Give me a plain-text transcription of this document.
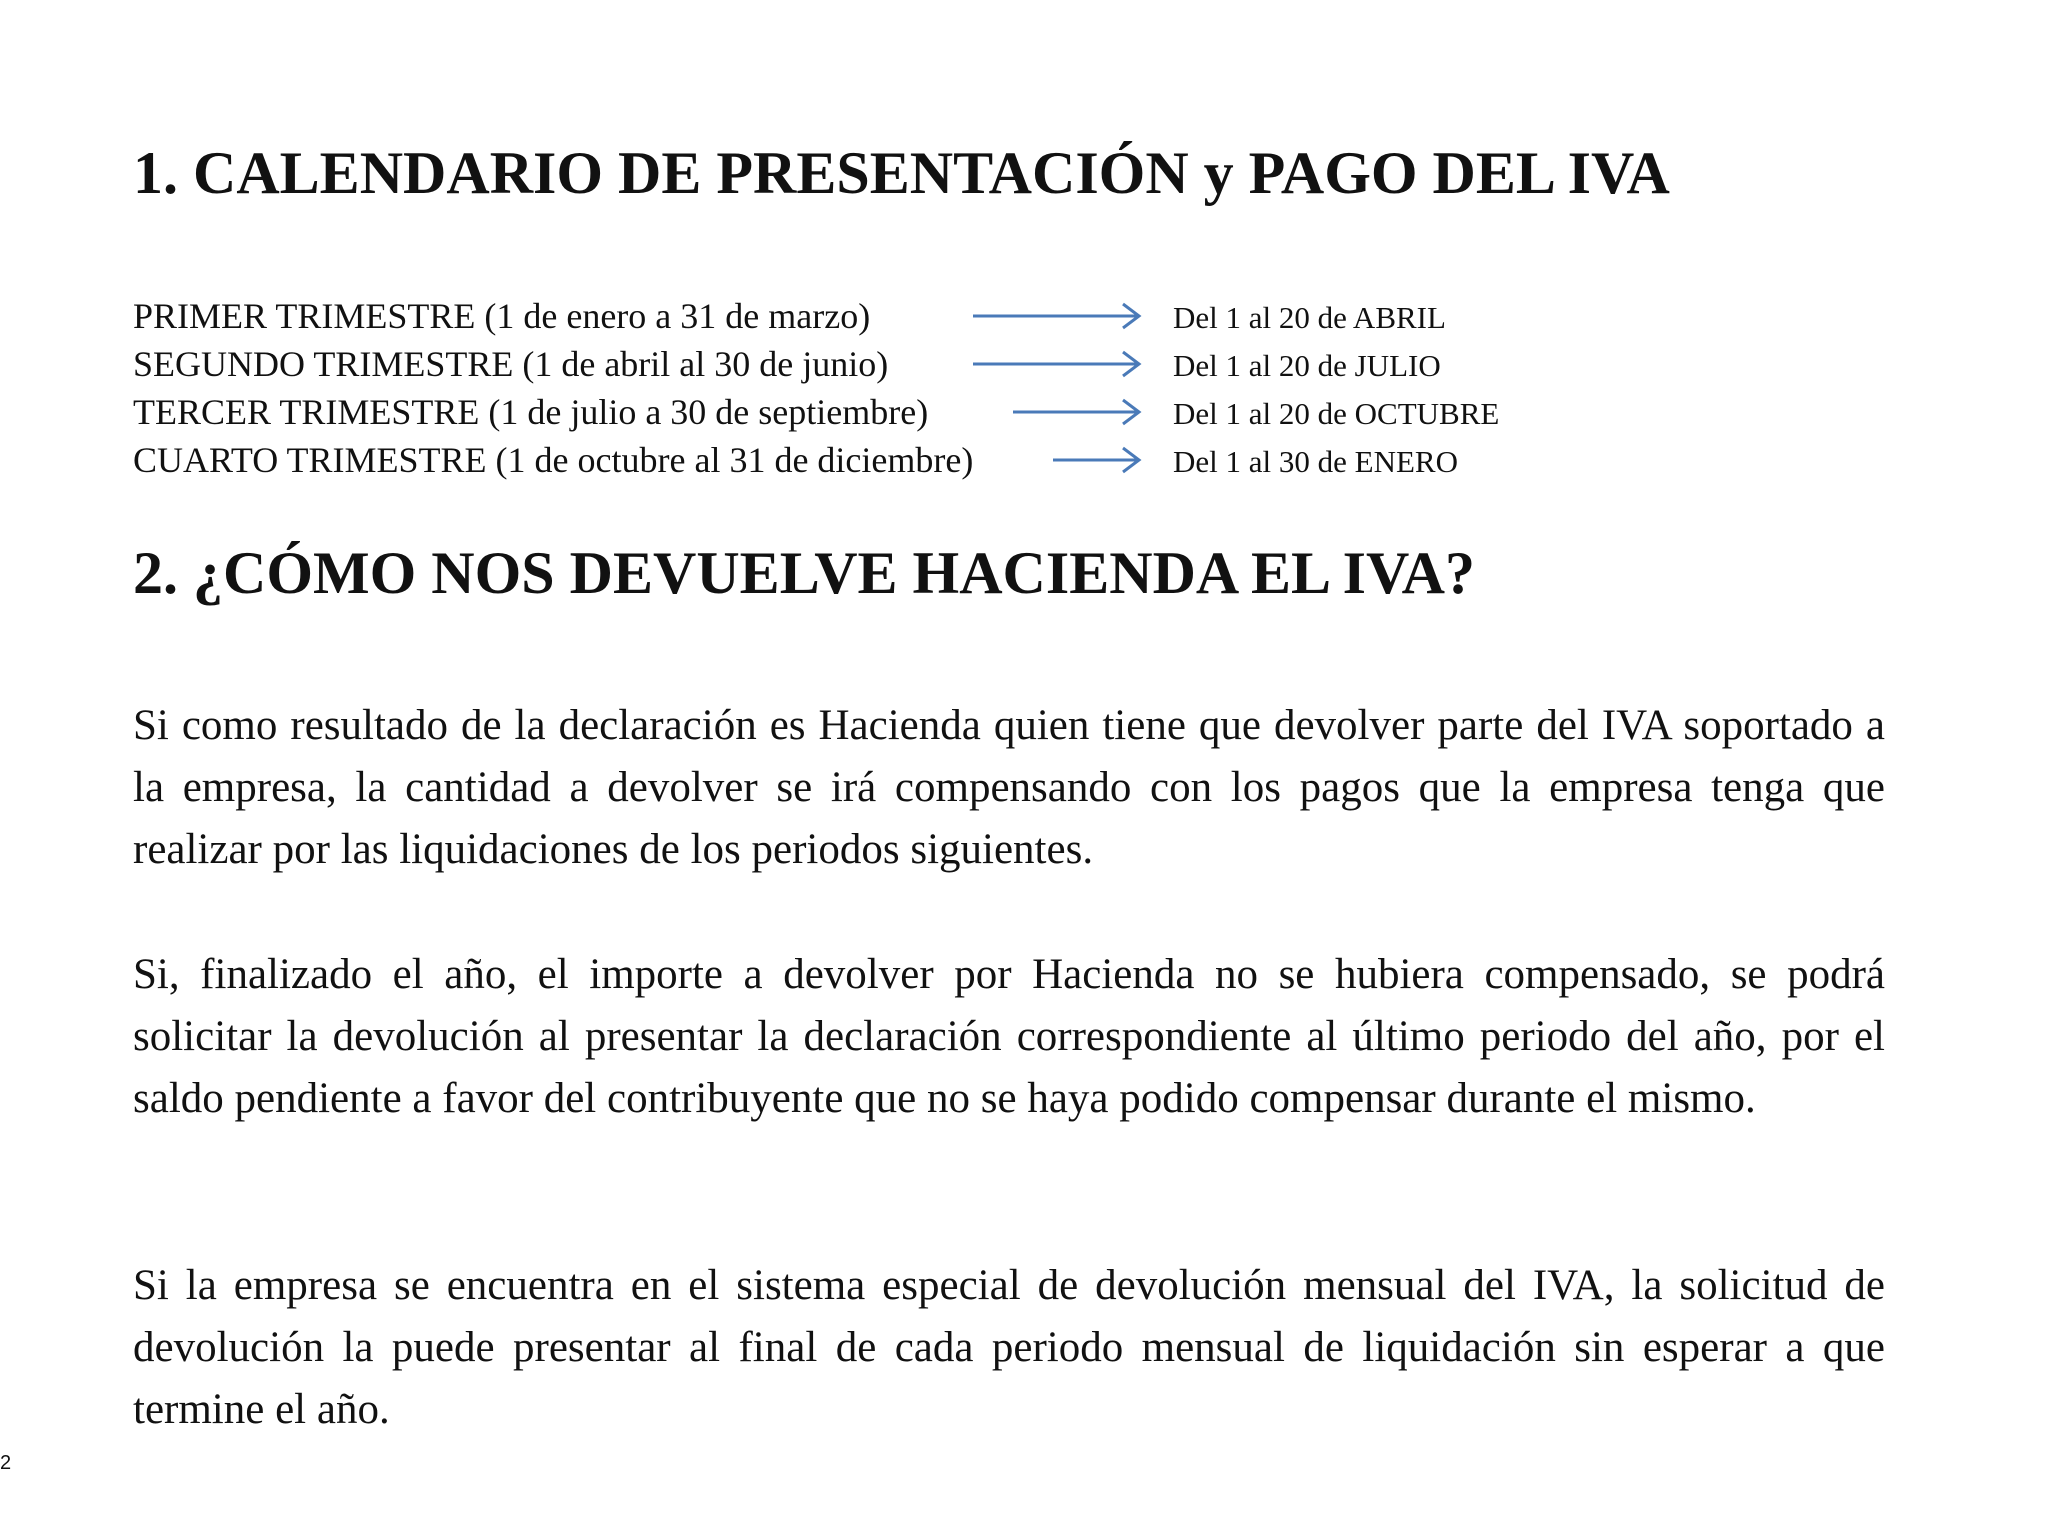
1. CALENDARIO DE PRESENTACIÓN y PAGO DEL IVA
PRIMER TRIMESTRE (1 de enero a 31 de marzo)	Del 1 al 20 de ABRIL
SEGUNDO TRIMESTRE (1 de abril al 30 de junio)	Del 1 al 20 de JULIO
TERCER TRIMESTRE (1 de julio a 30 de septiembre)	Del 1 al 20 de OCTUBRE
CUARTO TRIMESTRE (1 de octubre al 31 de diciembre)	Del 1 al 30 de ENERO
2. ¿CÓMO NOS DEVUELVE HACIENDA EL IVA?

Si como resultado de la declaración es Hacienda quien tiene que devolver parte del IVA soportado a la empresa, la cantidad a devolver se irá compensando con los pagos que la empresa tenga que realizar por las liquidaciones de los periodos siguientes.

Si, finalizado el año, el importe a devolver por Hacienda no se hubiera compensado, se podrá solicitar la devolución al presentar la declaración correspondiente al último periodo del año, por el saldo pendiente a favor del contribuyente que no se haya podido compensar durante el mismo.

Si la empresa se encuentra en el sistema especial de devolución mensual del IVA, la solicitud de devolución la puede presentar al final de cada periodo mensual de liquidación sin esperar a que termine el año.

2
